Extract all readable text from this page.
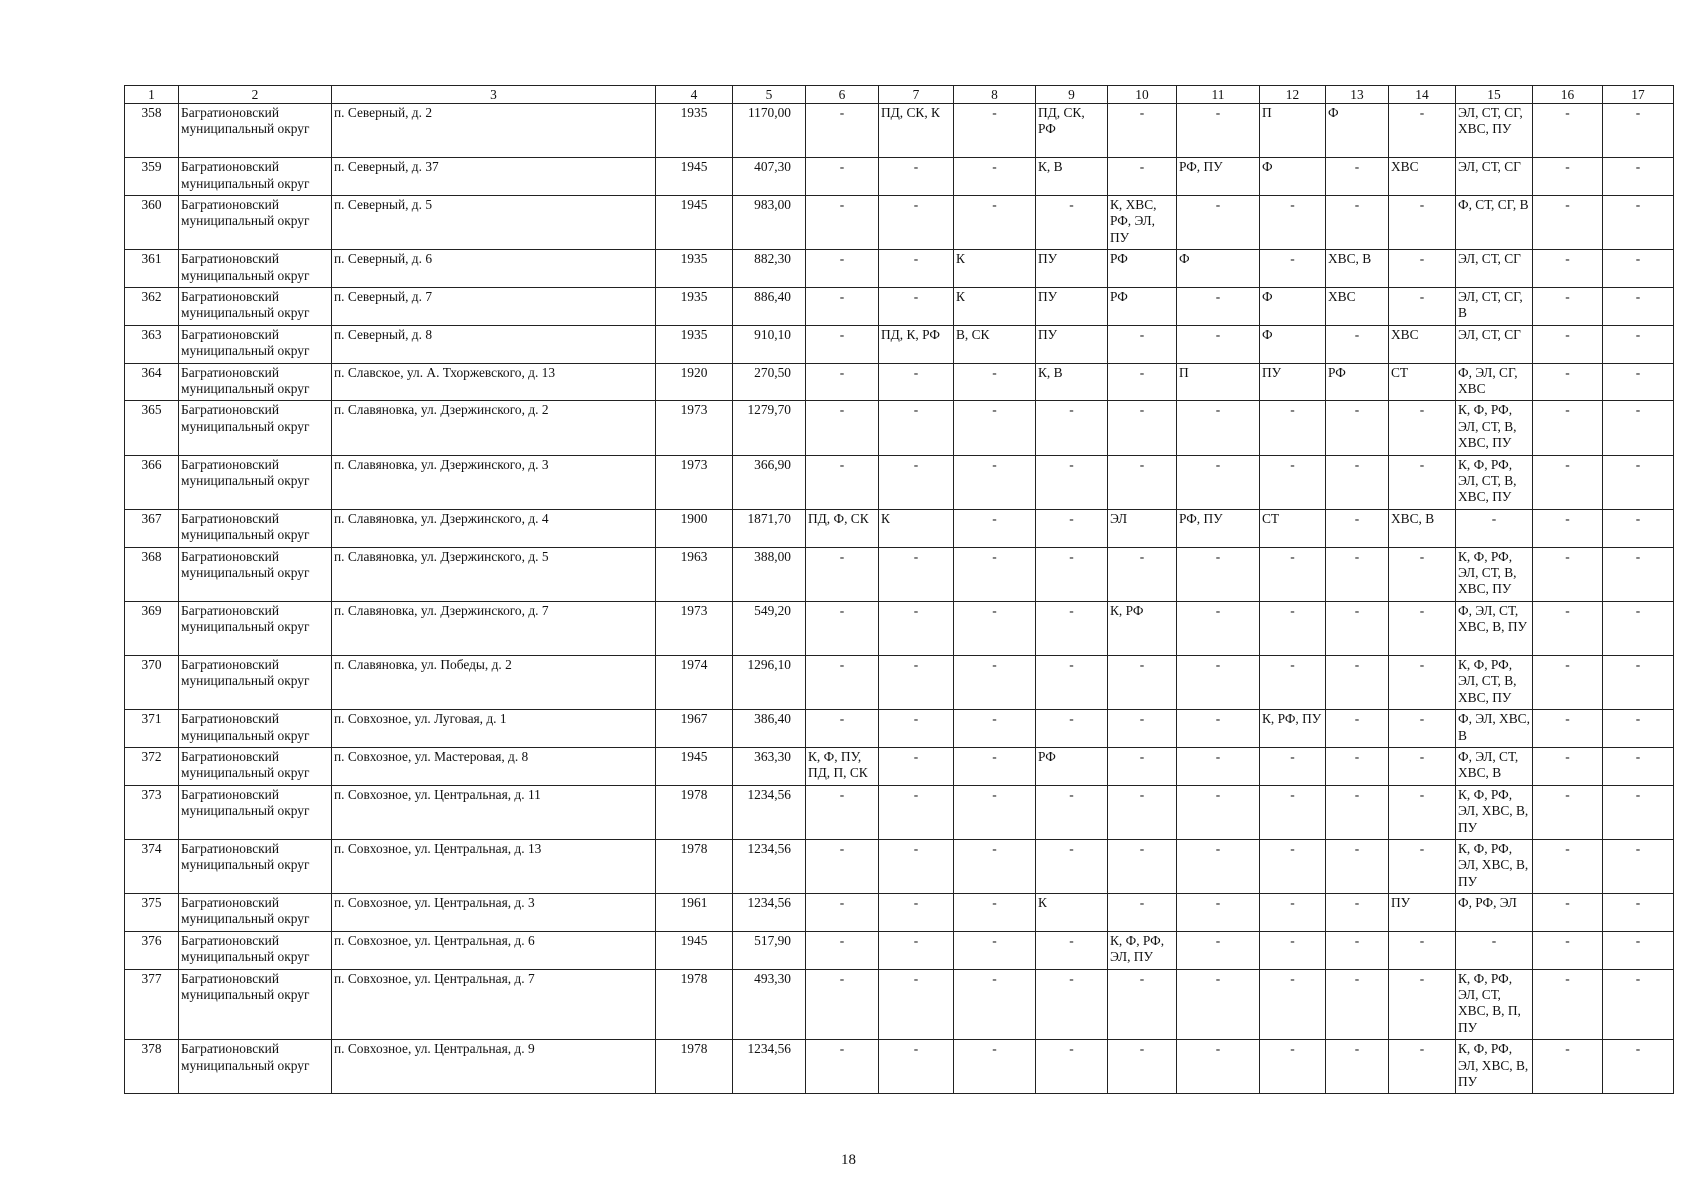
1	2	3	4	5	6	7	8	9	10	11	12	13	14	15	16	17
358	Багратионовский муниципальный округ	п. Северный, д. 2	1935	1170,00	-	ПД, СК, К	-	ПД, СК, РФ	-	-	П	Ф	-	ЭЛ, СТ, СГ, ХВС, ПУ	-	-
359	Багратионовский муниципальный округ	п. Северный, д. 37	1945	407,30	-	-	-	К, В	-	РФ, ПУ	Ф	-	ХВС	ЭЛ, СТ, СГ	-	-
360	Багратионовский муниципальный округ	п. Северный, д. 5	1945	983,00	-	-	-	-	К, ХВС, РФ, ЭЛ, ПУ	-	-	-	-	Ф, СТ, СГ, В	-	-
361	Багратионовский муниципальный округ	п. Северный, д. 6	1935	882,30	-	-	К	ПУ	РФ	Ф	-	ХВС, В	-	ЭЛ, СТ, СГ	-	-
362	Багратионовский муниципальный округ	п. Северный, д. 7	1935	886,40	-	-	К	ПУ	РФ	-	Ф	ХВС	-	ЭЛ, СТ, СГ, В	-	-
363	Багратионовский муниципальный округ	п. Северный, д. 8	1935	910,10	-	ПД, К, РФ	В, СК	ПУ	-	-	Ф	-	ХВС	ЭЛ, СТ, СГ	-	-
364	Багратионовский муниципальный округ	п. Славское, ул. А. Тхоржевского, д. 13	1920	270,50	-	-	-	К, В	-	П	ПУ	РФ	СТ	Ф, ЭЛ, СГ, ХВС	-	-
365	Багратионовский муниципальный округ	п. Славяновка, ул. Дзержинского, д. 2	1973	1279,70	-	-	-	-	-	-	-	-	-	К, Ф, РФ, ЭЛ, СТ, В, ХВС, ПУ	-	-
366	Багратионовский муниципальный округ	п. Славяновка, ул. Дзержинского, д. 3	1973	366,90	-	-	-	-	-	-	-	-	-	К, Ф, РФ, ЭЛ, СТ, В, ХВС, ПУ	-	-
367	Багратионовский муниципальный округ	п. Славяновка, ул. Дзержинского, д. 4	1900	1871,70	ПД, Ф, СК	К	-	-	ЭЛ	РФ, ПУ	СТ	-	ХВС, В	-	-	-
368	Багратионовский муниципальный округ	п. Славяновка, ул. Дзержинского, д. 5	1963	388,00	-	-	-	-	-	-	-	-	-	К, Ф, РФ, ЭЛ, СТ, В, ХВС, ПУ	-	-
369	Багратионовский муниципальный округ	п. Славяновка, ул. Дзержинского, д. 7	1973	549,20	-	-	-	-	К, РФ	-	-	-	-	Ф, ЭЛ, СТ, ХВС, В, ПУ	-	-
370	Багратионовский муниципальный округ	п. Славяновка, ул. Победы, д. 2	1974	1296,10	-	-	-	-	-	-	-	-	-	К, Ф, РФ, ЭЛ, СТ, В, ХВС, ПУ	-	-
371	Багратионовский муниципальный округ	п. Совхозное, ул. Луговая, д. 1	1967	386,40	-	-	-	-	-	-	К, РФ, ПУ	-	-	Ф, ЭЛ, ХВС, В	-	-
372	Багратионовский муниципальный округ	п. Совхозное, ул. Мастеровая, д. 8	1945	363,30	К, Ф, ПУ, ПД, П, СК	-	-	РФ	-	-	-	-	-	Ф, ЭЛ, СТ, ХВС, В	-	-
373	Багратионовский муниципальный округ	п. Совхозное, ул. Центральная, д. 11	1978	1234,56	-	-	-	-	-	-	-	-	-	К, Ф, РФ, ЭЛ, ХВС, В, ПУ	-	-
374	Багратионовский муниципальный округ	п. Совхозное, ул. Центральная, д. 13	1978	1234,56	-	-	-	-	-	-	-	-	-	К, Ф, РФ, ЭЛ, ХВС, В, ПУ	-	-
375	Багратионовский муниципальный округ	п. Совхозное, ул. Центральная, д. 3	1961	1234,56	-	-	-	К	-	-	-	-	ПУ	Ф, РФ, ЭЛ	-	-
376	Багратионовский муниципальный округ	п. Совхозное, ул. Центральная, д. 6	1945	517,90	-	-	-	-	К, Ф, РФ, ЭЛ, ПУ	-	-	-	-	-	-	-
377	Багратионовский муниципальный округ	п. Совхозное, ул. Центральная, д. 7	1978	493,30	-	-	-	-	-	-	-	-	-	К, Ф, РФ, ЭЛ, СТ, ХВС, В, П, ПУ	-	-
378	Багратионовский муниципальный округ	п. Совхозное, ул. Центральная, д. 9	1978	1234,56	-	-	-	-	-	-	-	-	-	К, Ф, РФ, ЭЛ, ХВС, В, ПУ	-	-
18
